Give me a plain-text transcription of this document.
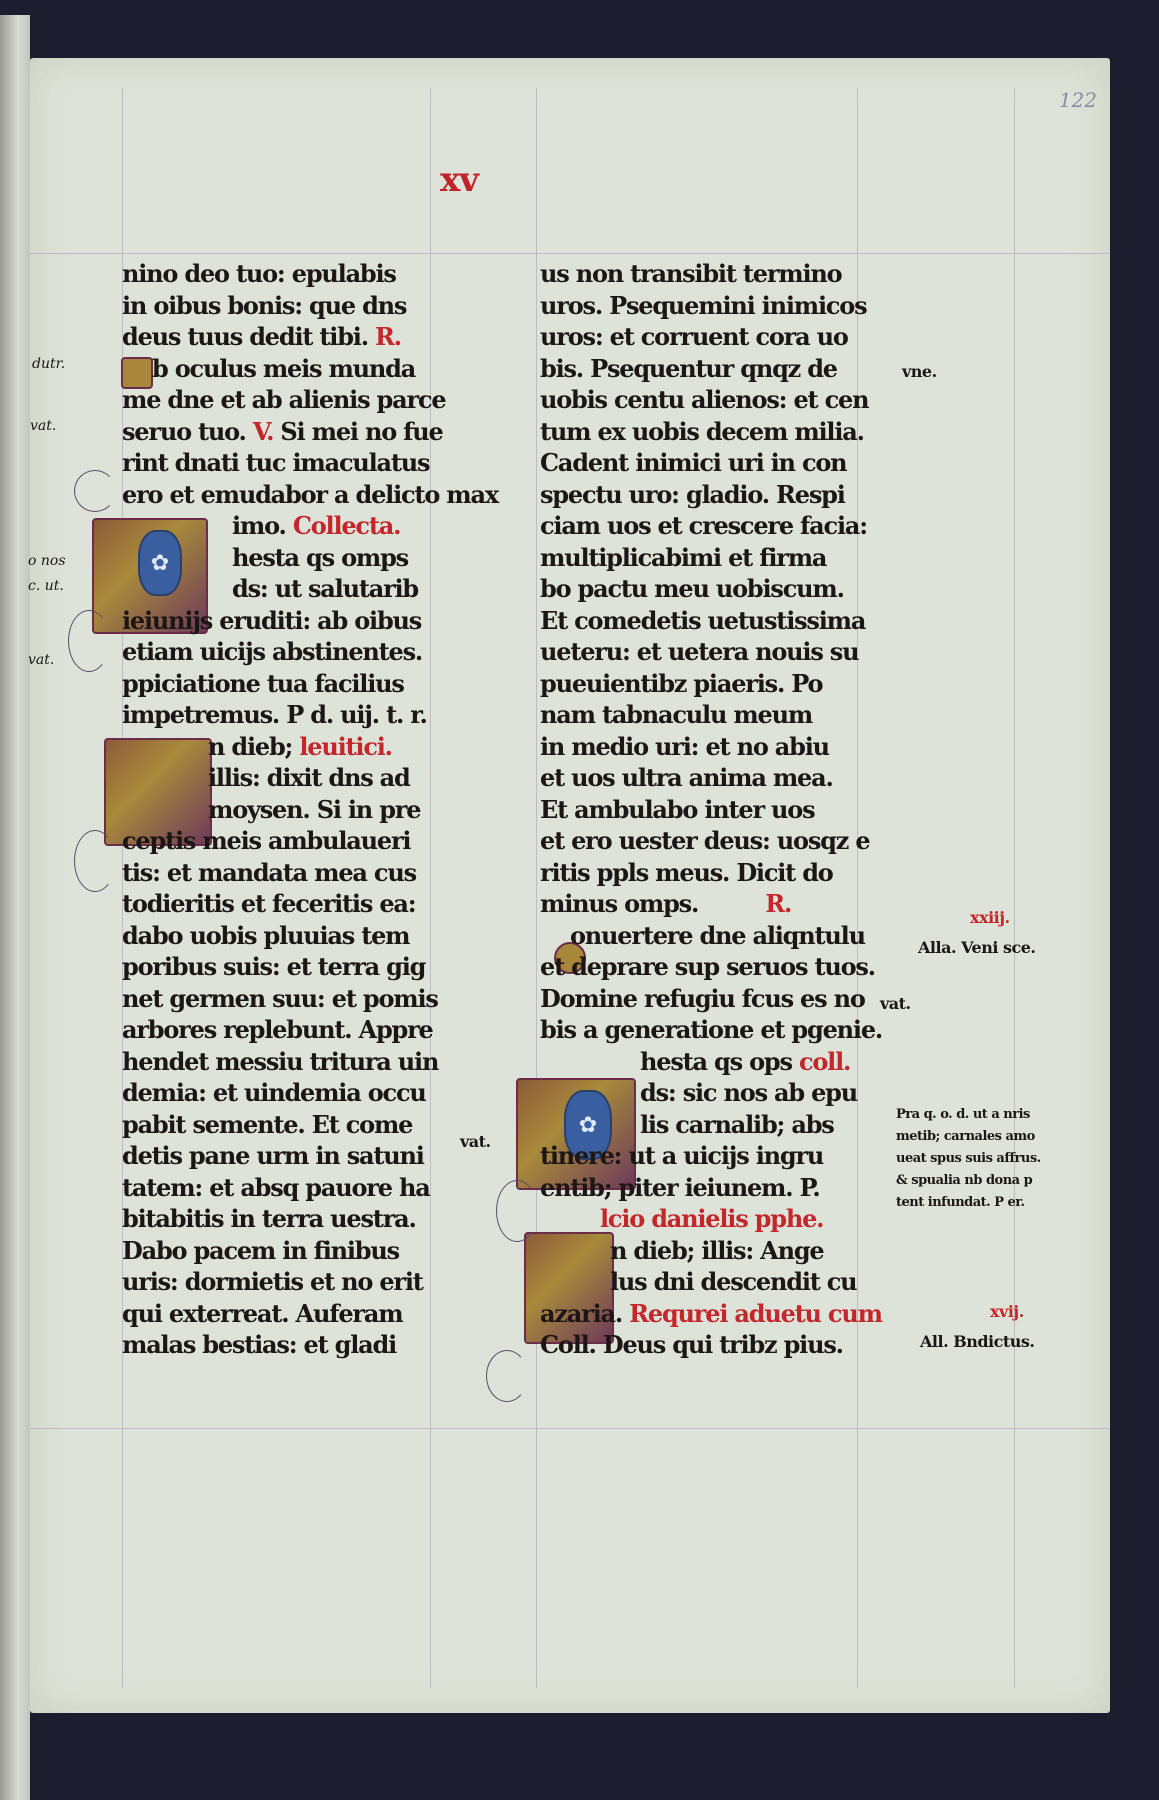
122
xv
dutr.
vat.
o nos
c. ut.
vat.
✿
✿
nino deo tuo: epulabis
in oibus bonis: que dns
deus tuus dedit tibi. R.
b oculus meis munda
me dne et ab alienis parce
seruo tuo. V. Si mei no fue
rint dnati tuc imaculatus
ero et emudabor a delicto max
imo. Collecta.
hesta qs omps
ds: ut salutarib
ieiunijs eruditi: ab oibus
etiam uicijs abstinentes.
ppiciatione tua facilius
impetremus. P d. uij. t. r.
n dieb; leuitici.
illis: dixit dns ad
moysen. Si in pre
ceptis meis ambulaueri
tis: et mandata mea cus
todieritis et feceritis ea:
dabo uobis pluuias tem
poribus suis: et terra gig
net germen suu: et pomis
arbores replebunt. Appre
hendet messiu tritura uin
demia: et uindemia occu
pabit semente. Et come
detis pane urm in satuni
tatem: et absq pauore ha
bitabitis in terra uestra.
Dabo pacem in finibus
uris: dormietis et no erit
qui exterreat. Auferam
malas bestias: et gladi
us non transibit termino
uros. Psequemini inimicos
uros: et corruent cora uo
bis. Psequentur qnqz de
uobis centu alienos: et cen
tum ex uobis decem milia.
Cadent inimici uri in con
spectu uro: gladio. Respi
ciam uos et crescere facia:
multiplicabimi et firma
bo pactu meu uobiscum.
Et comedetis uetustissima
ueteru: et uetera nouis su
pueuientibz piaeris. Po
nam tabnaculu meum
in medio uri: et no abiu
et uos ultra anima mea.
Et ambulabo inter uos
et ero uester deus: uosqz e
ritis ppls meus. Dicit do
minus omps.	R.
onuertere dne aliqntulu
et deprare sup seruos tuos.
Domine refugiu fcus es no
bis a generatione et pgenie.
hesta qs ops coll.
ds: sic nos ab epu
lis carnalib; abs
tinere: ut a uicijs ingru
entib; piter ieiunem. P.
lcio danielis pphe.
n dieb; illis: Ange
lus dni descendit cu
azaria. Requrei aduetu cum
Coll. Deus qui tribz pius.
vne.
xxiij.
Alla. Veni sce.
vat.
vat.
Pra q. o. d. ut a nris
metib; carnales amo
ueat spus suis affrus.
& spualia nb dona p
tent infundat. P er.
xvij.
All. Bndictus.
